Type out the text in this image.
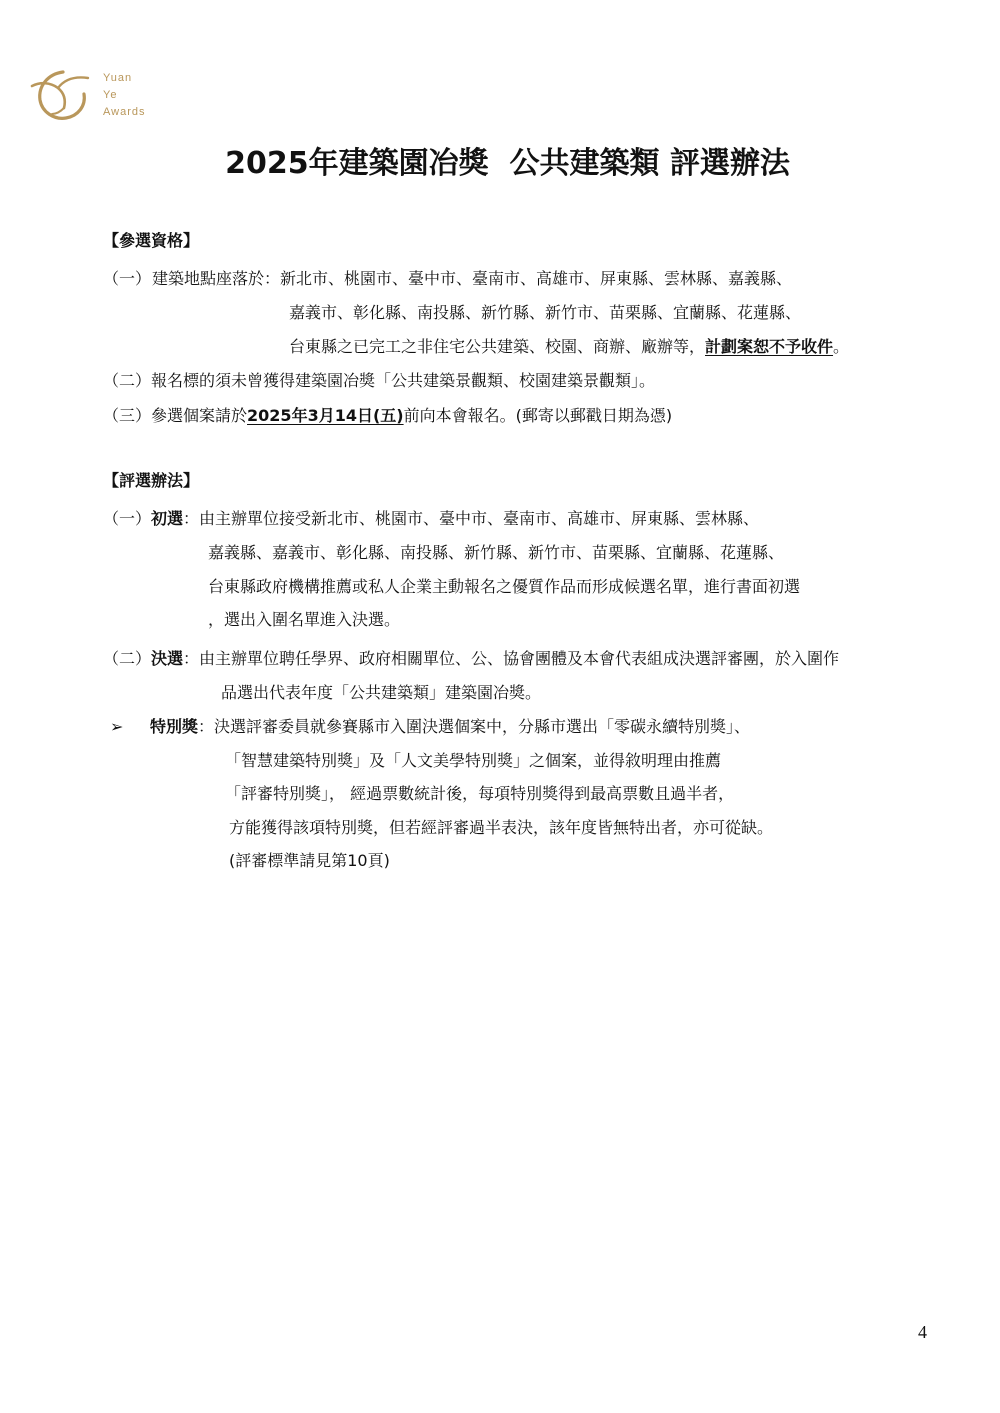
Yuan
Ye
Awards
2025年建築園冶獎  公共建築類 評選辦法
【參選資格】
（一） 建築地點座落於：新北市、桃園市、臺中市、臺南市、高雄市、屏東縣、雲林縣、嘉義縣、
嘉義市、彰化縣、南投縣、新竹縣、新竹市、苗栗縣、宜蘭縣、花蓮縣、
台東縣之已完工之非住宅公共建築、校園、商辦、廠辦等，計劃案恕不予收件。
（二）報名標的須未曾獲得建築園冶獎「公共建築景觀類、校園建築景觀類」。
（三）參選個案請於2025年3月14日(五)前向本會報名。(郵寄以郵戳日期為憑)
【評選辦法】
（一）初選：由主辦單位接受新北市、桃園市、臺中市、臺南市、高雄市、屏東縣、雲林縣、
嘉義縣、嘉義市、彰化縣、南投縣、新竹縣、新竹市、苗栗縣、宜蘭縣、花蓮縣、
台東縣政府機構推薦或私人企業主動報名之優質作品而形成候選名單，進行書面初選
，選出入圍名單進入決選。
（二）決選：由主辦單位聘任學界、政府相關單位、公、協會團體及本會代表組成決選評審團，於入圍作
品選出代表年度「公共建築類」建築園冶獎。
➢ 特別獎：決選評審委員就參賽縣市入圍決選個案中，分縣市選出「零碳永續特別獎」、
「智慧建築特別獎」及「人文美學特別獎」之個案，並得敘明理由推薦
「評審特別獎」， 經過票數統計後，每項特別獎得到最高票數且過半者，
方能獲得該項特別獎，但若經評審過半表決，該年度皆無特出者，亦可從缺。
(評審標準請見第10頁)
4
